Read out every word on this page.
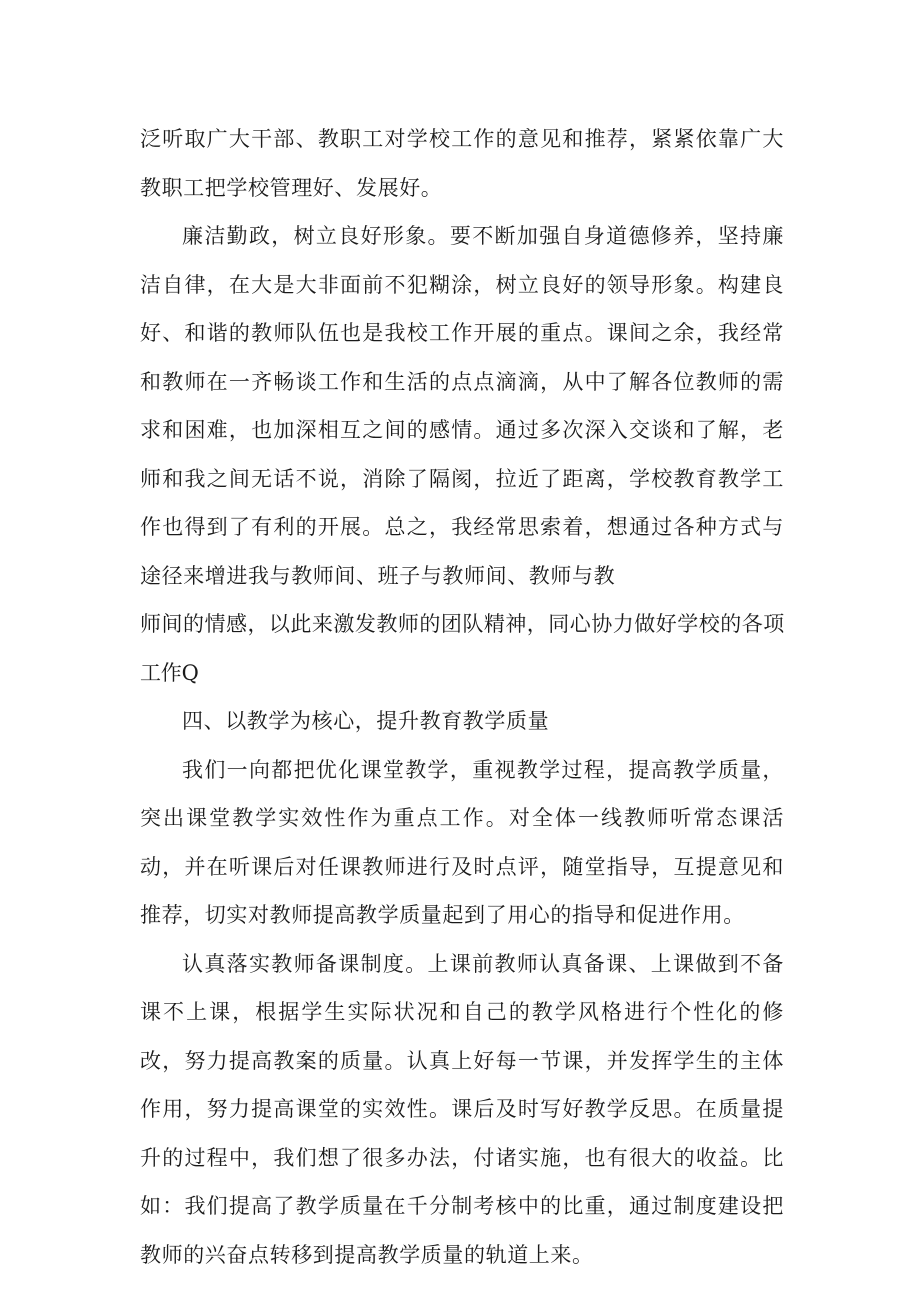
泛听取广大干部、教职工对学校工作的意见和推荐，紧紧依靠广大教职工把学校管理好、发展好。

廉洁勤政，树立良好形象。要不断加强自身道德修养，坚持廉洁自律，在大是大非面前不犯糊涂，树立良好的领导形象。构建良好、和谐的教师队伍也是我校工作开展的重点。课间之余，我经常和教师在一齐畅谈工作和生活的点点滴滴，从中了解各位教师的需求和困难，也加深相互之间的感情。通过多次深入交谈和了解，老师和我之间无话不说，消除了隔阂，拉近了距离，学校教育教学工作也得到了有利的开展。总之，我经常思索着，想通过各种方式与途径来增进我与教师间、班子与教师间、教师与教

师间的情感，以此来激发教师的团队精神，同心协力做好学校的各项工作Q

四、以教学为核心，提升教育教学质量

我们一向都把优化课堂教学，重视教学过程，提高教学质量，突出课堂教学实效性作为重点工作。对全体一线教师听常态课活动，并在听课后对任课教师进行及时点评，随堂指导，互提意见和推荐，切实对教师提高教学质量起到了用心的指导和促进作用。

认真落实教师备课制度。上课前教师认真备课、上课做到不备课不上课，根据学生实际状况和自己的教学风格进行个性化的修改，努力提高教案的质量。认真上好每一节课，并发挥学生的主体作用，努力提高课堂的实效性。课后及时写好教学反思。在质量提升的过程中，我们想了很多办法，付诸实施，也有很大的收益。比如：我们提高了教学质量在千分制考核中的比重，通过制度建设把教师的兴奋点转移到提高教学质量的轨道上来。
